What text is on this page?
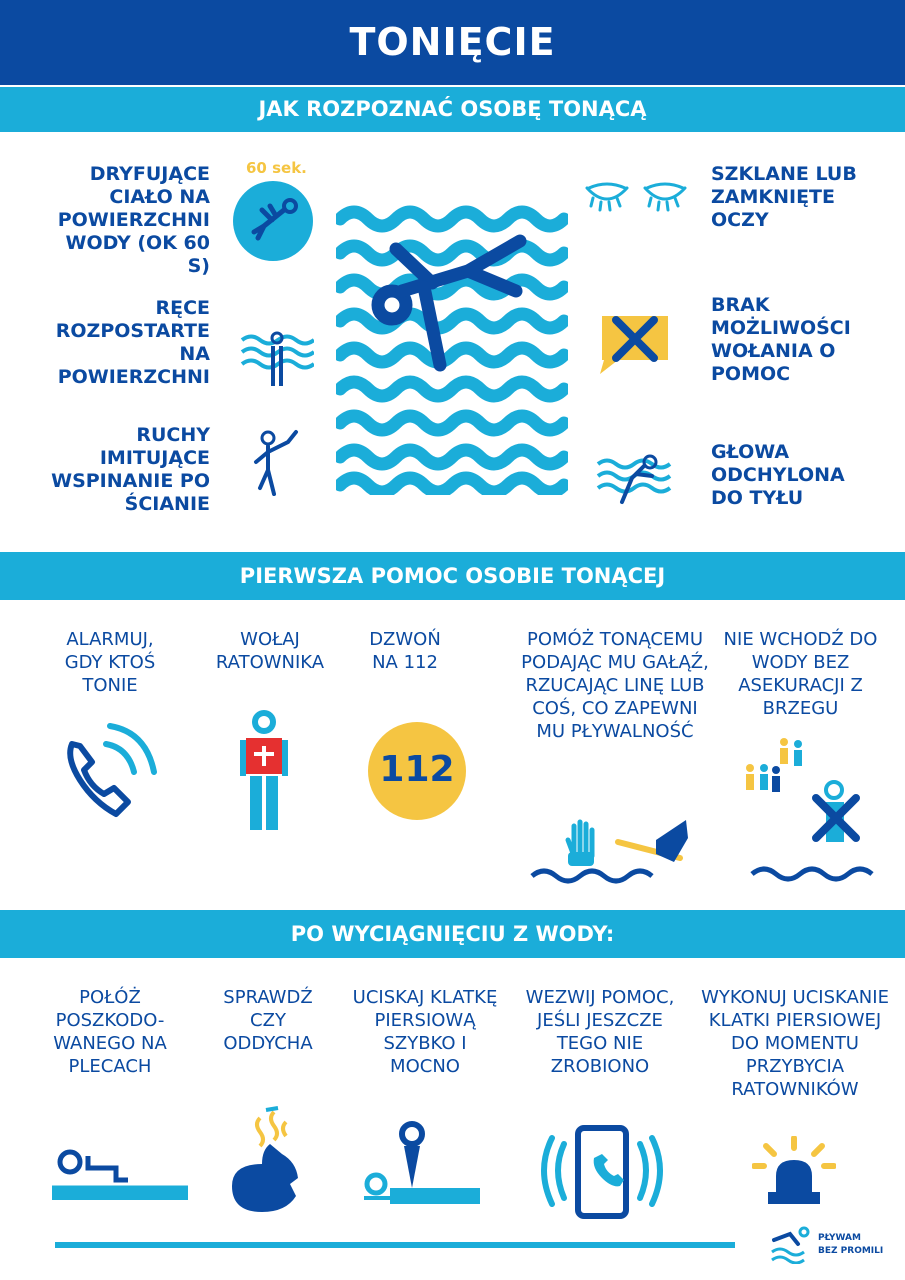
TONIĘCIE
JAK ROZPOZNAĆ OSOBĘ TONĄCĄ
DRYFUJĄCE CIAŁO NA POWIERZCHNI WODY (OK 60 S)
RĘCE ROZPOSTARTE NA POWIERZCHNI
RUCHY IMITUJĄCE WSPINANIE PO ŚCIANIE
SZKLANE LUB ZAMKNIĘTE OCZY
BRAK MOŻLIWOŚCI WOŁANIA O POMOC
GŁOWA ODCHYLONA DO TYŁU
60 sek.
PIERWSZA POMOC OSOBIE TONĄCEJ
ALARMUJ, GDY KTOŚ TONIE
WOŁAJ RATOWNIKA
DZWOŃ NA 112
POMÓŻ TONĄCEMU PODAJĄC MU GAŁĄŹ, RZUCAJĄC LINĘ LUB COŚ, CO ZAPEWNI MU PŁYWALNOŚĆ
NIE WCHODŹ DO WODY BEZ ASEKURACJI Z BRZEGU
112
PO WYCIĄGNIĘCIU Z WODY:
POŁÓŻ POSZKODO- WANEGO NA PLECACH
SPRAWDŹ CZY ODDYCHA
UCISKAJ KLATKĘ PIERSIOWĄ SZYBKO I MOCNO
WEZWIJ POMOC, JEŚLI JESZCZE TEGO NIE ZROBIONO
WYKONUJ UCISKANIE KLATKI PIERSIOWEJ DO MOMENTU PRZYBYCIA RATOWNIKÓW
PŁYWAM
BEZ PROMILI
